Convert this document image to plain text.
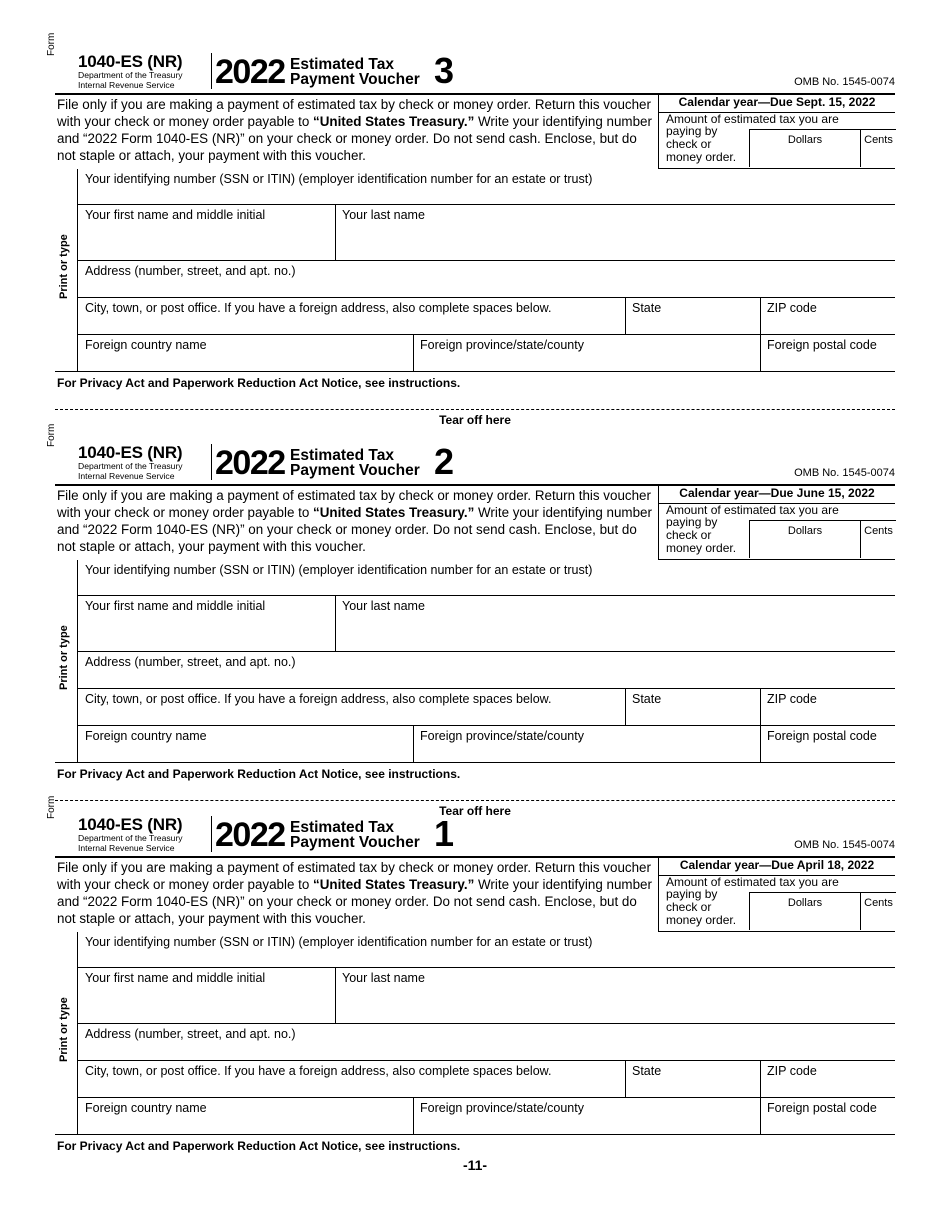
Form
1040-ES (NR)
Department of the Treasury
Internal Revenue Service 2022 Estimated Tax
Payment Voucher 3	OMB No. 1545-0074
File only if you are making a payment of estimated tax by check or money order. Return this voucher with your check or money order payable to “United States Treasury.” Write your identifying number and “2022 Form 1040-ES (NR)” on your check or money order. Do not send cash. Enclose, but do not staple or attach, your payment with this voucher.
Calendar year—Due Sept. 15, 2022
Amount of estimated tax you are
paying by check or money order.
Dollars	Cents
Print or type
Your identifying number (SSN or ITIN) (employer identification number for an estate or trust)
Your first name and middle initial	Your last name
Address (number, street, and apt. no.)
City, town, or post office. If you have a foreign address, also complete spaces below.	State	ZIP code
Foreign country name	Foreign province/state/county	Foreign postal code
For Privacy Act and Paperwork Reduction Act Notice, see instructions.
Form
1040-ES (NR)
Department of the Treasury
Internal Revenue Service 2022 Estimated Tax
Payment Voucher 2	OMB No. 1545-0074
File only if you are making a payment of estimated tax by check or money order. Return this voucher with your check or money order payable to “United States Treasury.” Write your identifying number and “2022 Form 1040-ES (NR)” on your check or money order. Do not send cash. Enclose, but do not staple or attach, your payment with this voucher.
Calendar year—Due June 15, 2022
Amount of estimated tax you are
paying by check or money order.
Dollars	Cents
Print or type
Your identifying number (SSN or ITIN) (employer identification number for an estate or trust)
Your first name and middle initial	Your last name
Address (number, street, and apt. no.)
City, town, or post office. If you have a foreign address, also complete spaces below.	State	ZIP code
Foreign country name	Foreign province/state/county	Foreign postal code
For Privacy Act and Paperwork Reduction Act Notice, see instructions.
Form
1040-ES (NR)
Department of the Treasury
Internal Revenue Service 2022 Estimated Tax
Payment Voucher 1	OMB No. 1545-0074
File only if you are making a payment of estimated tax by check or money order. Return this voucher with your check or money order payable to “United States Treasury.” Write your identifying number and “2022 Form 1040-ES (NR)” on your check or money order. Do not send cash. Enclose, but do not staple or attach, your payment with this voucher.
Calendar year—Due April 18, 2022
Amount of estimated tax you are
paying by check or money order.
Dollars	Cents
Print or type
Your identifying number (SSN or ITIN) (employer identification number for an estate or trust)
Your first name and middle initial	Your last name
Address (number, street, and apt. no.)
City, town, or post office. If you have a foreign address, also complete spaces below.	State	ZIP code
Foreign country name	Foreign province/state/county	Foreign postal code
For Privacy Act and Paperwork Reduction Act Notice, see instructions.
Tear off here
Tear off here
-11-
